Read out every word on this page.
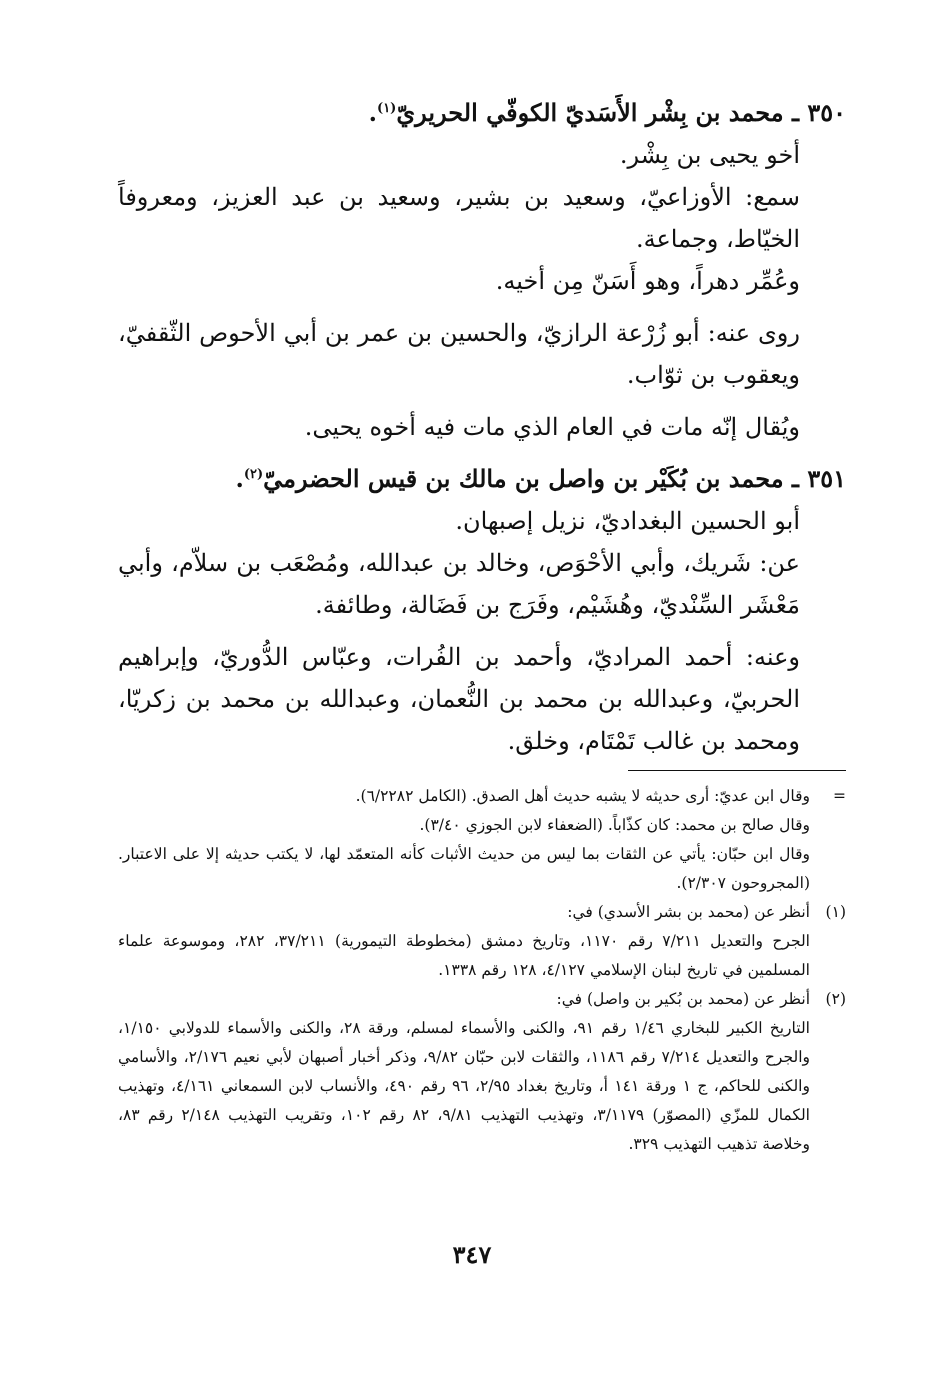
٣٥٠ ـ محمد بن بِشْر الأَسَديّ الكوفّي الحريريّ$^{(١)}$.

أخو يحيى بن بِشْر.

سمع: الأوزاعيّ، وسعيد بن بشير، وسعيد بن عبد العزيز، ومعروفاً الخيّاط، وجماعة.

وعُمِّر دهراً، وهو أَسَنّ مِن أخيه.

روى عنه: أبو زُرْعة الرازيّ، والحسين بن عمر بن أبي الأحوص الثّقفيّ، ويعقوب بن ثوّاب.

ويُقال إنّه مات في العام الذي مات فيه أخوه يحيى.

٣٥١ ـ محمد بن بُكَيْر بن واصل بن مالك بن قيس الحضرميّ$^{(٢)}$.

أبو الحسين البغداديّ، نزيل إصبهان.

عن: شَريك، وأبي الأحْوَص، وخالد بن عبدالله، ومُصْعَب بن سلاّم، وأبي مَعْشَر السِّنْديّ، وهُشَيْم، وفَرَج بن فَضَالة، وطائفة.

وعنه: أحمد المراديّ، وأحمد بن الفُرات، وعبّاس الدُّوريّ، وإبراهيم الحربيّ، وعبدالله بن محمد بن النُّعمان، وعبدالله بن محمد بن زكريّا، ومحمد بن غالب تَمْتَام، وخلق.

=

وقال ابن عديّ: أرى حديثه لا يشبه حديث أهل الصدق. (الكامل ٦/٢٢٨٢).

وقال صالح بن محمد: كان كذّاباً. (الضعفاء لابن الجوزي ٣/٤٠).

وقال ابن حبّان: يأتي عن الثقات بما ليس من حديث الأثبات كأنه المتعمّد لها، لا يكتب حديثه إلا على الاعتبار. (المجروحون ٢/٣٠٧).

(١)

أنظر عن (محمد بن بشر الأسدي) في:

الجرح والتعديل ٧/٢١١ رقم ١١٧٠، وتاريخ دمشق (مخطوطة التيمورية) ٣٧/٢١١، ٢٨٢، وموسوعة علماء المسلمين في تاريخ لبنان الإسلامي ٤/١٢٧، ١٢٨ رقم ١٣٣٨.

(٢)

أنظر عن (محمد بن بُكير بن واصل) في:

التاريخ الكبير للبخاري ١/٤٦ رقم ٩١، والكنى والأسماء لمسلم، ورقة ٢٨، والكنى والأسماء للدولابي ١/١٥٠، والجرح والتعديل ٧/٢١٤ رقم ١١٨٦، والثقات لابن حبّان ٩/٨٢، وذكر أخبار أصبهان لأبي نعيم ٢/١٧٦، والأسامي والكنى للحاكم، ج ١ ورقة ١٤١ أ، وتاريخ بغداد ٢/٩٥، ٩٦ رقم ٤٩٠، والأنساب لابن السمعاني ٤/١٦١، وتهذيب الكمال للمزّي (المصوّر) ٣/١١٧٩، وتهذيب التهذيب ٩/٨١، ٨٢ رقم ١٠٢، وتقريب التهذيب ٢/١٤٨ رقم ٨٣، وخلاصة تذهيب التهذيب ٣٢٩.

٣٤٧
